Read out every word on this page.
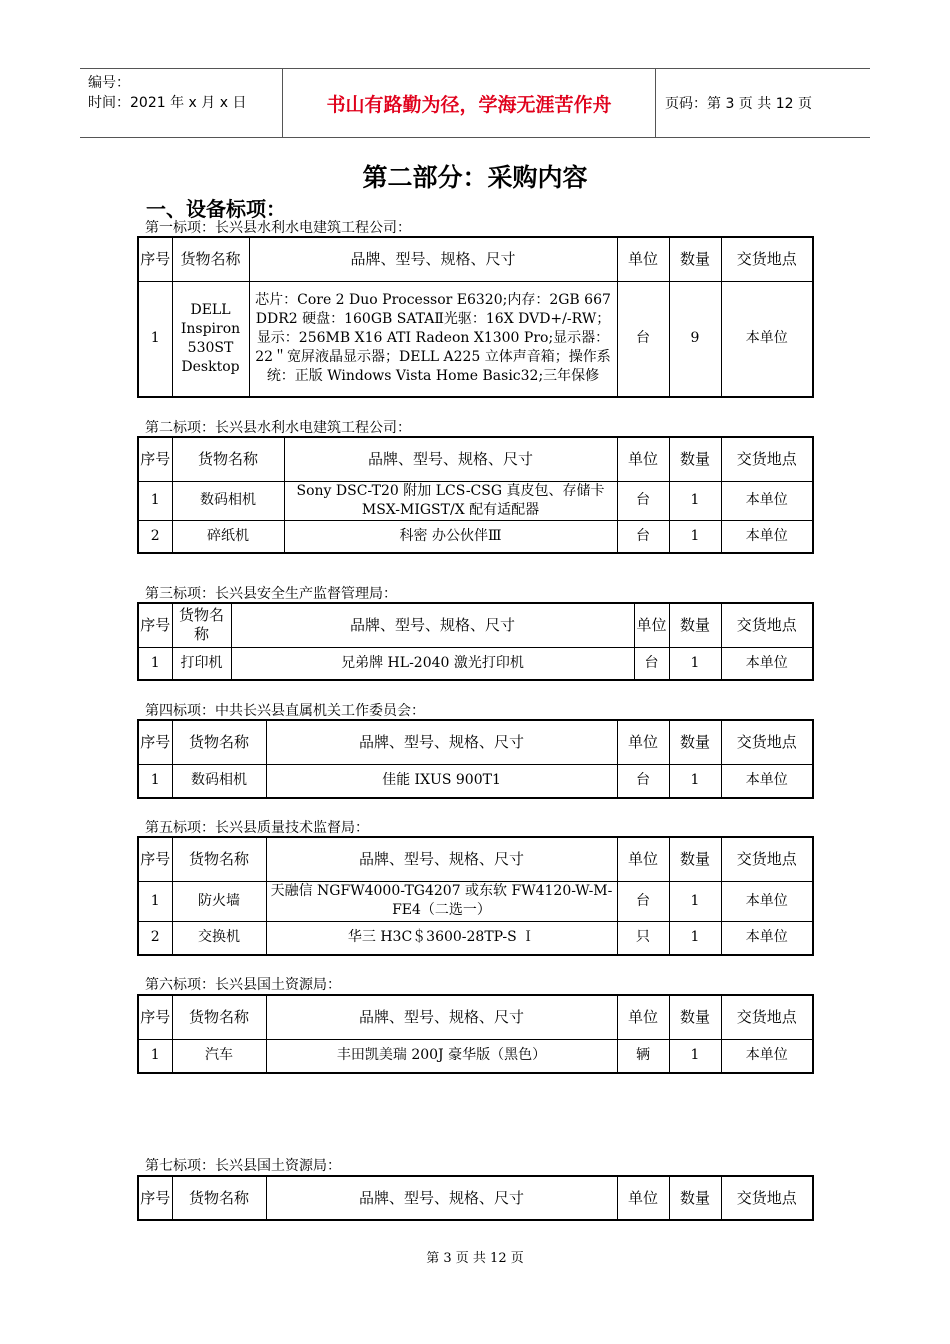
编号：
时间：2021 年 x 月 x 日	书山有路勤为径，学海无涯苦作舟	页码：第 3 页 共 12 页
第二部分：采购内容
一、设备标项：
第一标项：长兴县水利水电建筑工程公司：
序号	货物名称	品牌、型号、规格、尺寸	单位	数量	交货地点
1	DELL Inspiron 530ST Desktop	芯片：Core 2 Duo Processor E6320;内存：2GB 667 DDR2 硬盘：160GB SATAⅡ光驱：16X DVD+/-RW；显示：256MB X16 ATI Radeon X1300 Pro;显示器：22＂宽屏液晶显示器；DELL A225 立体声音箱；操作系统：正版 Windows Vista Home Basic32;三年保修	台	9	本单位
第二标项：长兴县水利水电建筑工程公司：
序号	货物名称	品牌、型号、规格、尺寸	单位	数量	交货地点
1	数码相机	Sony DSC-T20 附加 LCS-CSG 真皮包、存储卡 MSX-MIGST/X 配有适配器	台	1	本单位
2	碎纸机	科密 办公伙伴Ⅲ	台	1	本单位
第三标项：长兴县安全生产监督管理局：
序号	货物名称	品牌、型号、规格、尺寸	单位	数量	交货地点
1	打印机	兄弟牌 HL-2040 激光打印机	台	1	本单位
第四标项：中共长兴县直属机关工作委员会：
序号	货物名称	品牌、型号、规格、尺寸	单位	数量	交货地点
1	数码相机	佳能 IXUS 900T1	台	1	本单位
第五标项：长兴县质量技术监督局：
序号	货物名称	品牌、型号、规格、尺寸	单位	数量	交货地点
1	防火墙	天融信 NGFW4000-TG4207 或东软 FW4120-W-M-FE4（二选一）	台	1	本单位
2	交换机	华三 H3C＄3600-28TP-S Ｉ	只	1	本单位
第六标项：长兴县国土资源局：
序号	货物名称	品牌、型号、规格、尺寸	单位	数量	交货地点
1	汽车	丰田凯美瑞 200J 豪华版（黑色）	辆	1	本单位
第七标项：长兴县国土资源局：
序号	货物名称	品牌、型号、规格、尺寸	单位	数量	交货地点
第 3 页 共 12 页
